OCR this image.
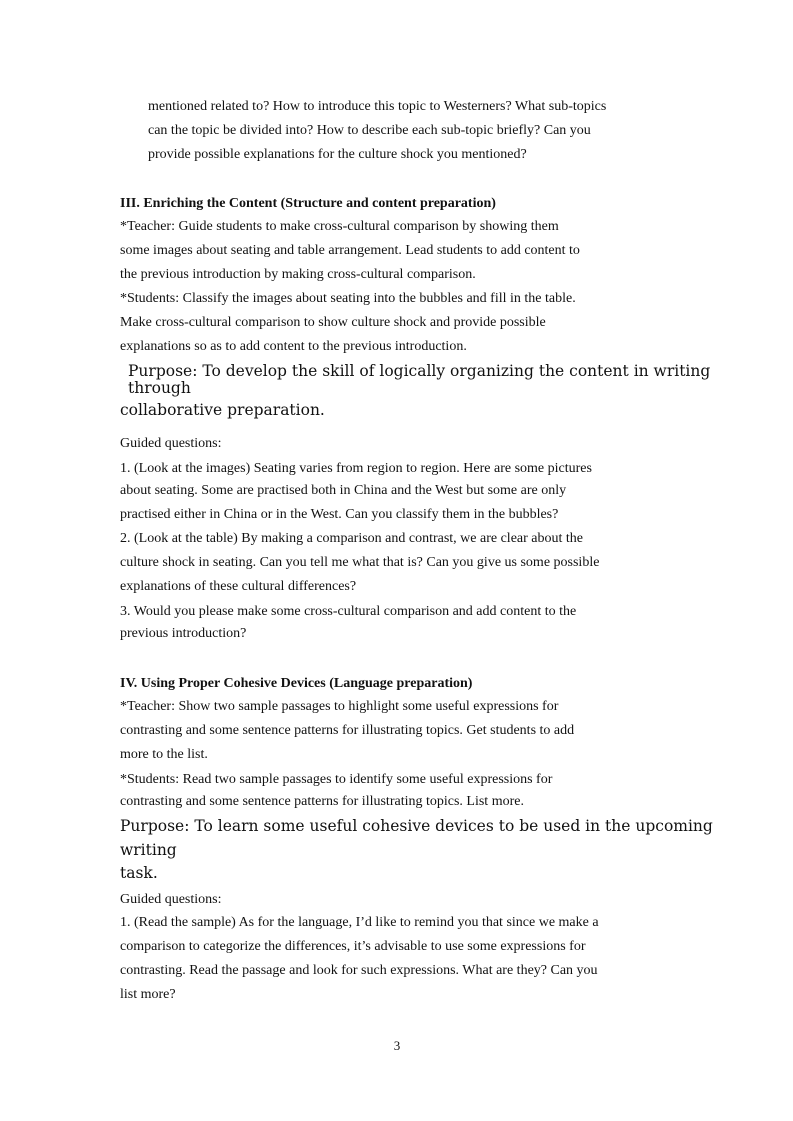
mentioned related to? How to introduce this topic to Westerners? What sub-topics
can the topic be divided into? How to describe each sub-topic briefly? Can you
provide possible explanations for the culture shock you mentioned?
III. Enriching the Content (Structure and content preparation)
*Teacher: Guide students to make cross-cultural comparison by showing them
some images about seating and table arrangement. Lead students to add content to
the previous introduction by making cross-cultural comparison.
*Students: Classify the images about seating into the bubbles and fill in the table.
Make cross-cultural comparison to show culture shock and provide possible
explanations so as to add content to the previous introduction.
Purpose: To develop the skill of logically organizing the content in writing
through
collaborative preparation.
Guided questions:
1. (Look at the images) Seating varies from region to region. Here are some pictures
about seating. Some are practised both in China and the West but some are only
practised either in China or in the West. Can you classify them in the bubbles?
2. (Look at the table) By making a comparison and contrast, we are clear about the
culture shock in seating. Can you tell me what that is? Can you give us some possible
explanations of these cultural differences?
3. Would you please make some cross-cultural comparison and add content to the
previous introduction?
IV. Using Proper Cohesive Devices (Language preparation)
*Teacher: Show two sample passages to highlight some useful expressions for
contrasting and some sentence patterns for illustrating topics. Get students to add
more to the list.
*Students: Read two sample passages to identify some useful expressions for
contrasting and some sentence patterns for illustrating topics. List more.
Purpose: To learn some useful cohesive devices to be used in the upcoming
writing
task.
Guided questions:
1. (Read the sample) As for the language, I’d like to remind you that since we make a
comparison to categorize the differences, it’s advisable to use some expressions for
contrasting. Read the passage and look for such expressions. What are they? Can you
list more?
3
